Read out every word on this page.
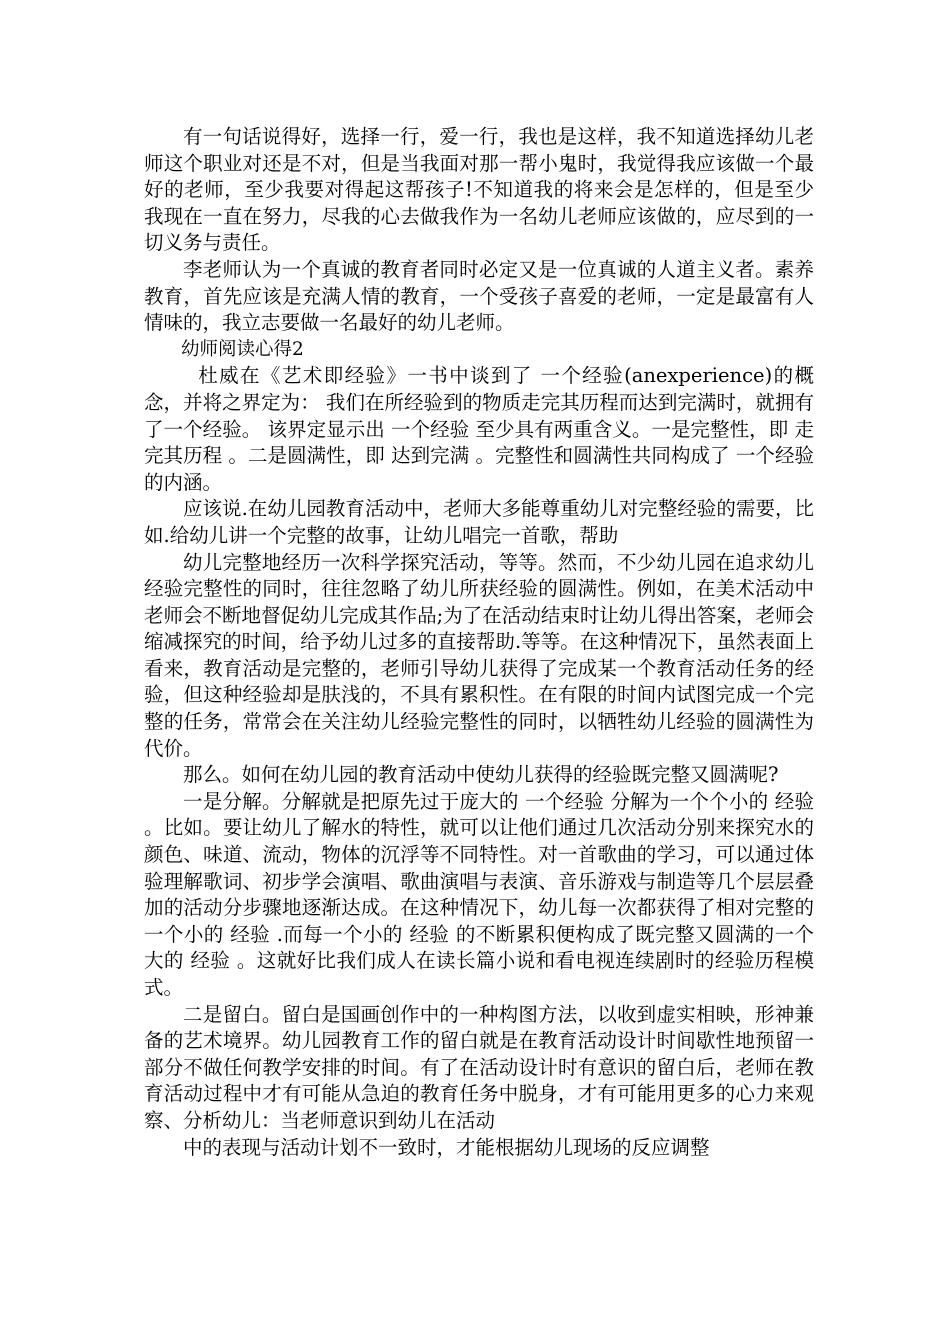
有一句话说得好，选择一行，爱一行，我也是这样，我不知道选择幼儿老师这个职业对还是不对，但是当我面对那一帮小鬼时，我觉得我应该做一个最好的老师，至少我要对得起这帮孩子!不知道我的将来会是怎样的，但是至少我现在一直在努力，尽我的心去做我作为一名幼儿老师应该做的，应尽到的一切义务与责任。

李老师认为一个真诚的教育者同时必定又是一位真诚的人道主义者。素养教育，首先应该是充满人情的教育，一个受孩子喜爱的老师，一定是最富有人情味的，我立志要做一名最好的幼儿老师。

幼师阅读心得2

杜威在《艺术即经验》一书中谈到了 一个经验(anexperience)的概念，并将之界定为： 我们在所经验到的物质走完其历程而达到完满时，就拥有了一个经验。 该界定显示出 一个经验 至少具有两重含义。一是完整性，即 走完其历程 。二是圆满性，即 达到完满 。完整性和圆满性共同构成了 一个经验 的内涵。

应该说.在幼儿园教育活动中，老师大多能尊重幼儿对完整经验的需要，比如.给幼儿讲一个完整的故事，让幼儿唱完一首歌，帮助

幼儿完整地经历一次科学探究活动，等等。然而，不少幼儿园在追求幼儿经验完整性的同时，往往忽略了幼儿所获经验的圆满性。例如，在美术活动中老师会不断地督促幼儿完成其作品;为了在活动结束时让幼儿得出答案，老师会缩减探究的时间，给予幼儿过多的直接帮助.等等。在这种情况下，虽然表面上看来，教育活动是完整的，老师引导幼儿获得了完成某一个教育活动任务的经验，但这种经验却是肤浅的，不具有累积性。在有限的时间内试图完成一个完整的任务，常常会在关注幼儿经验完整性的同时，以牺牲幼儿经验的圆满性为代价。

那么。如何在幼儿园的教育活动中使幼儿获得的经验既完整又圆满呢?

一是分解。分解就是把原先过于庞大的 一个经验 分解为一个个小的 经验 。比如。要让幼儿了解水的特性，就可以让他们通过几次活动分别来探究水的颜色、味道、流动，物体的沉浮等不同特性。对一首歌曲的学习，可以通过体验理解歌词、初步学会演唱、歌曲演唱与表演、音乐游戏与制造等几个层层叠加的活动分步骤地逐渐达成。在这种情况下，幼儿每一次都获得了相对完整的一个小的 经验 .而每一个小的 经验 的不断累积便构成了既完整又圆满的一个大的 经验 。这就好比我们成人在读长篇小说和看电视连续剧时的经验历程模式。

二是留白。留白是国画创作中的一种构图方法，以收到虚实相映，形神兼备的艺术境界。幼儿园教育工作的留白就是在教育活动设计时间歇性地预留一部分不做任何教学安排的时间。有了在活动设计时有意识的留白后，老师在教育活动过程中才有可能从急迫的教育任务中脱身，才有可能用更多的心力来观察、分析幼儿：当老师意识到幼儿在活动

中的表现与活动计划不一致时，才能根据幼儿现场的反应调整
